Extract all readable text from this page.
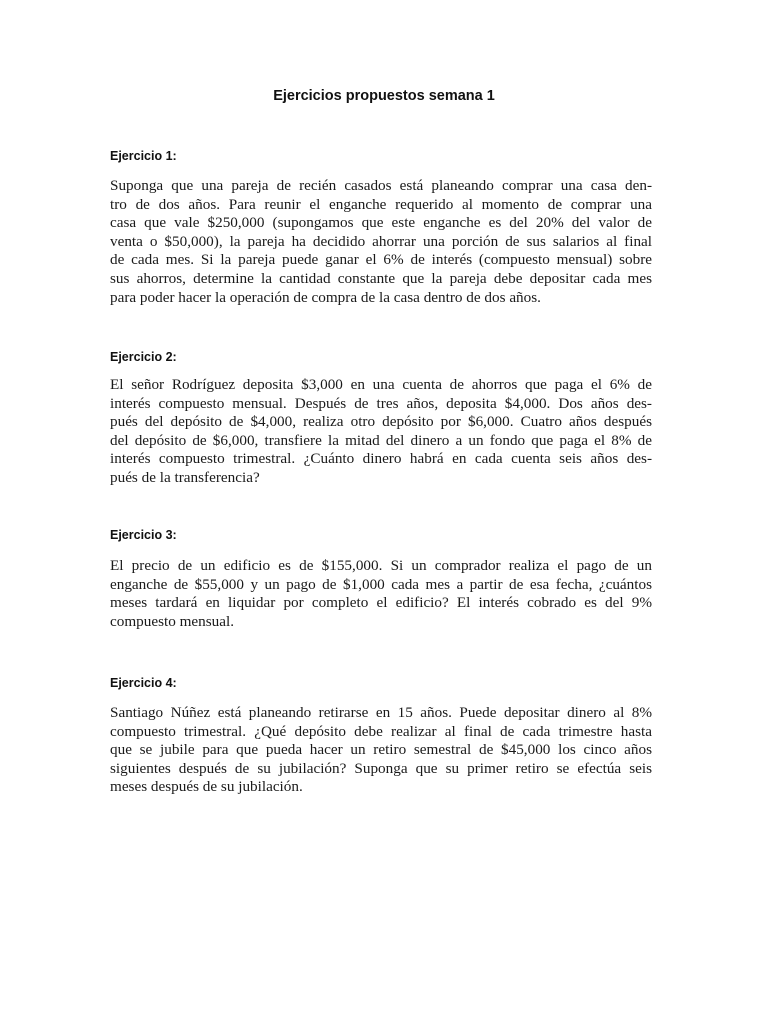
Ejercicios propuestos semana 1
Ejercicio 1:
Suponga que una pareja de recién casados está planeando comprar una casa den-
tro de dos años. Para reunir el enganche requerido al momento de comprar una
casa que vale $250,000 (supongamos que este enganche es del 20% del valor de
venta o $50,000), la pareja ha decidido ahorrar una porción de sus salarios al final
de cada mes. Si la pareja puede ganar el 6% de interés (compuesto mensual) sobre
sus ahorros, determine la cantidad constante que la pareja debe depositar cada mes
para poder hacer la operación de compra de la casa dentro de dos años.
Ejercicio 2:
El señor Rodríguez deposita $3,000 en una cuenta de ahorros que paga el 6% de
interés compuesto mensual. Después de tres años, deposita $4,000. Dos años des-
pués del depósito de $4,000, realiza otro depósito por $6,000. Cuatro años después
del depósito de $6,000, transfiere la mitad del dinero a un fondo que paga el 8% de
interés compuesto trimestral. ¿Cuánto dinero habrá en cada cuenta seis años des-
pués de la transferencia?
Ejercicio 3:
El precio de un edificio es de $155,000. Si un comprador realiza el pago de un
enganche de $55,000 y un pago de $1,000 cada mes a partir de esa fecha, ¿cuántos
meses tardará en liquidar por completo el edificio? El interés cobrado es del 9%
compuesto mensual.
Ejercicio 4:
Santiago Núñez está planeando retirarse en 15 años. Puede depositar dinero al 8%
compuesto trimestral. ¿Qué depósito debe realizar al final de cada trimestre hasta
que se jubile para que pueda hacer un retiro semestral de $45,000 los cinco años
siguientes después de su jubilación? Suponga que su primer retiro se efectúa seis
meses después de su jubilación.
